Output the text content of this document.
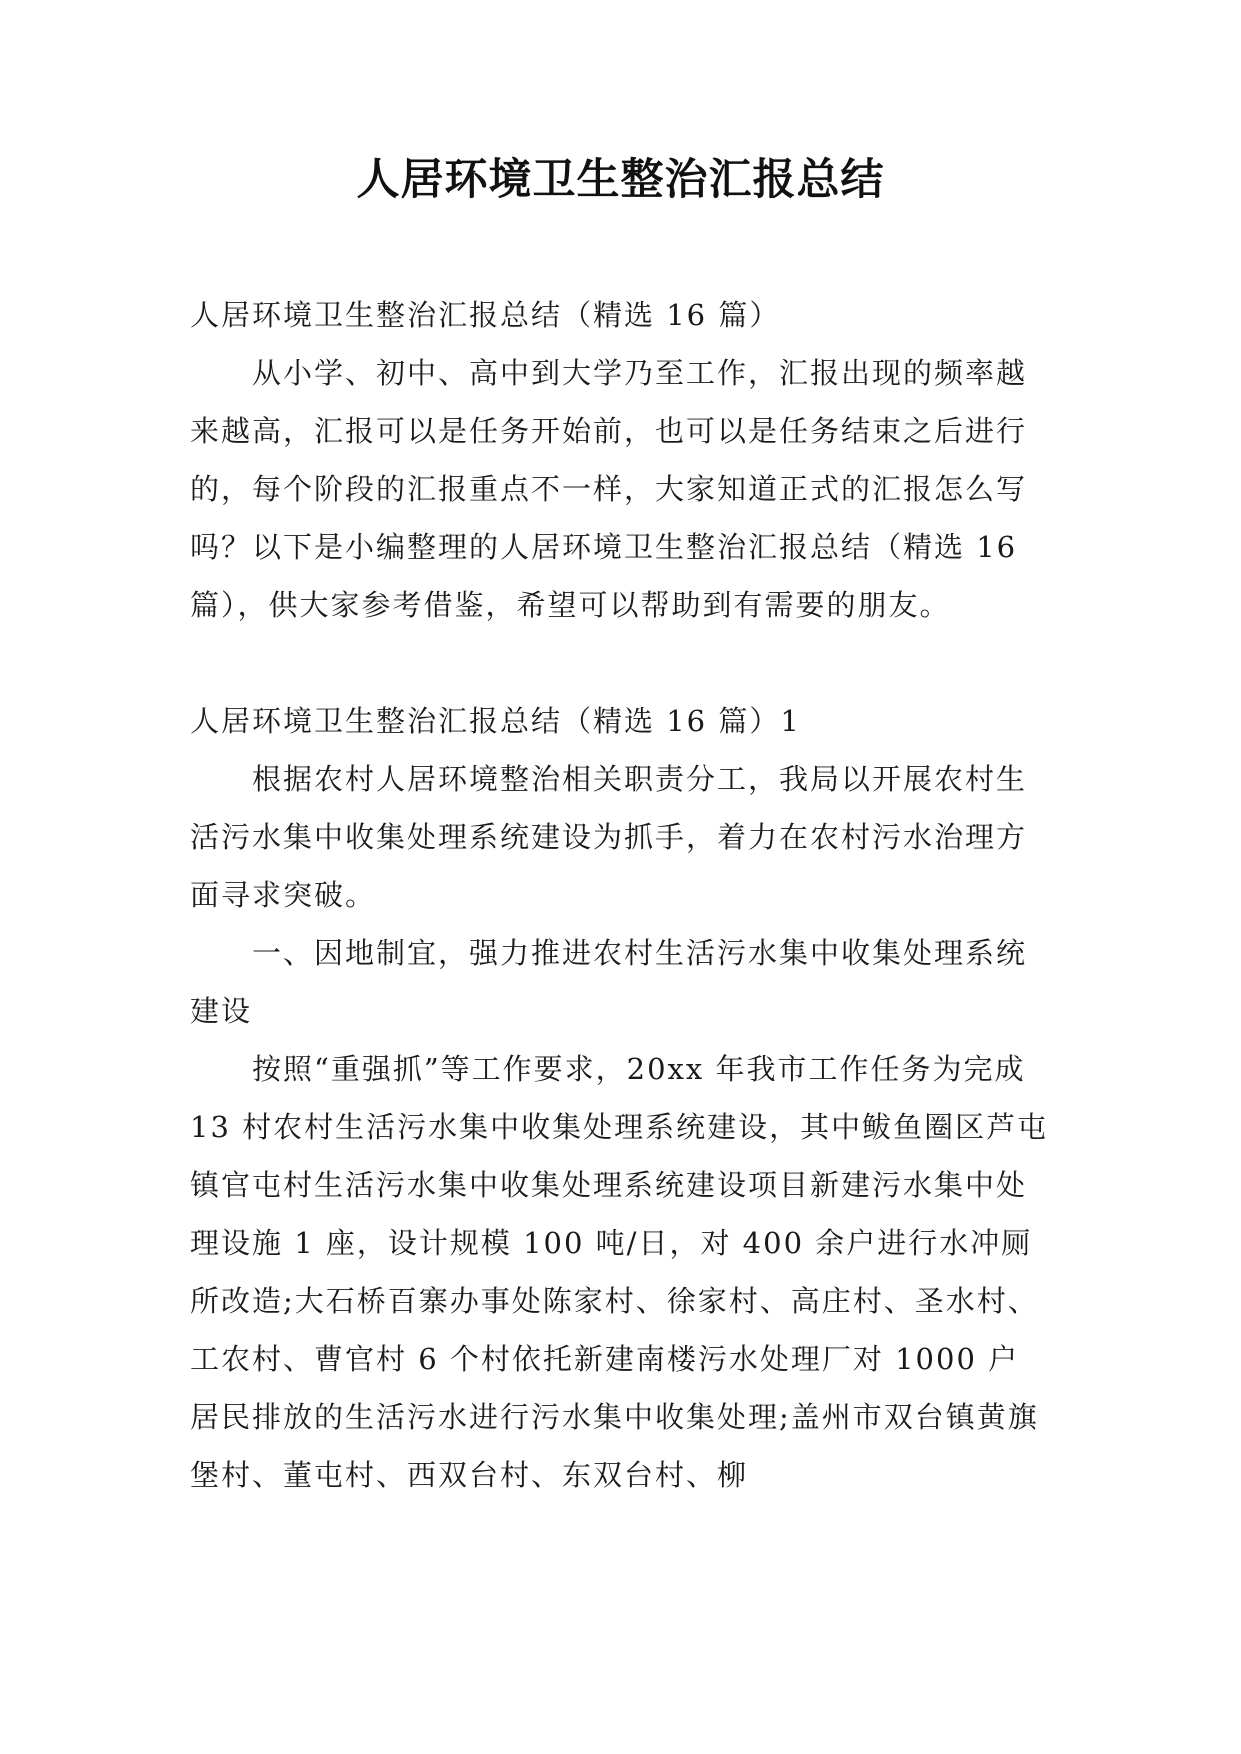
人居环境卫生整治汇报总结

人居环境卫生整治汇报总结（精选 16 篇）

从小学、初中、高中到大学乃至工作，汇报出现的频率越来越高，汇报可以是任务开始前，也可以是任务结束之后进行的，每个阶段的汇报重点不一样，大家知道正式的汇报怎么写吗？以下是小编整理的人居环境卫生整治汇报总结（精选 16 篇），供大家参考借鉴，希望可以帮助到有需要的朋友。

人居环境卫生整治汇报总结（精选 16 篇）1

根据农村人居环境整治相关职责分工，我局以开展农村生活污水集中收集处理系统建设为抓手，着力在农村污水治理方面寻求突破。

一、因地制宜，强力推进农村生活污水集中收集处理系统建设

按照“重强抓”等工作要求，20xx 年我市工作任务为完成 13 村农村生活污水集中收集处理系统建设，其中鲅鱼圈区芦屯镇官屯村生活污水集中收集处理系统建设项目新建污水集中处理设施 1 座，设计规模 100 吨/日，对 400 余户进行水冲厕所改造;大石桥百寨办事处陈家村、徐家村、高庄村、圣水村、工农村、曹官村 6 个村依托新建南楼污水处理厂对 1000 户居民排放的生活污水进行污水集中收集处理;盖州市双台镇黄旗堡村、董屯村、西双台村、东双台村、柳
